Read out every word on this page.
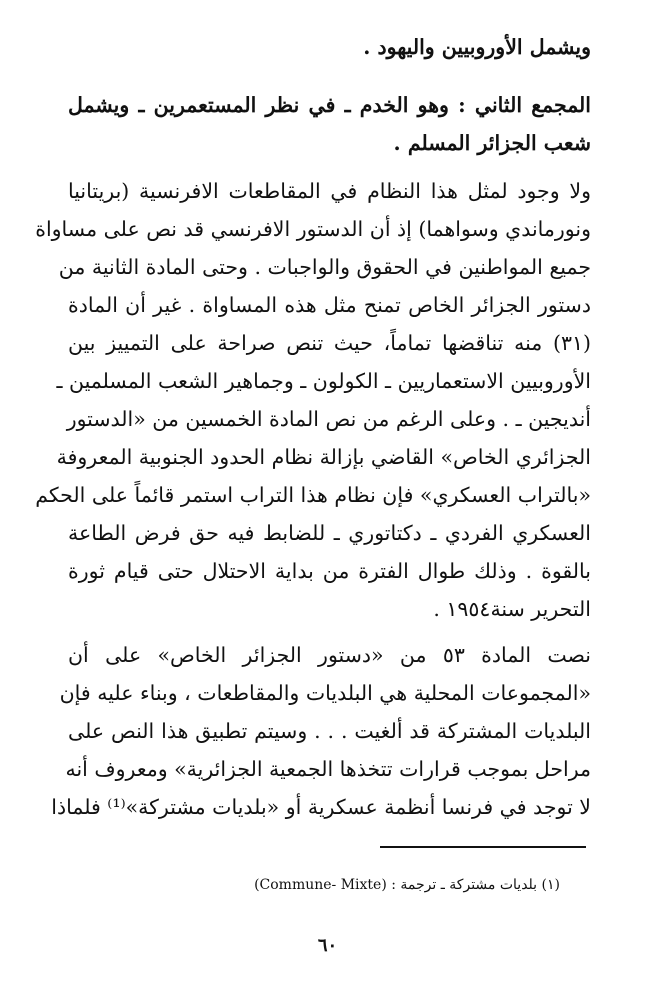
ويشمل الأوروبيين واليهود .
المجمع الثاني : وهو الخدم ـ في نظر المستعمرين ـ ويشمل
شعب الجزائر المسلم .
ولا وجود لمثل هذا النظام في المقاطعات الافرنسية (بريتانيا
ونورماندي وسواهما) إذ أن الدستور الافرنسي قد نص على مساواة
جميع المواطنين في الحقوق والواجبات . وحتى المادة الثانية من
دستور الجزائر الخاص تمنح مثل هذه المساواة . غير أن المادة
(٣١) منه تناقضها تماماً، حيث تنص صراحة على التمييز بين
الأوروبيين الاستعماريين ـ الكولون ـ وجماهير الشعب المسلمين ـ
أنديجين ـ . وعلى الرغم من نص المادة الخمسين من «الدستور
الجزائري الخاص» القاضي بإزالة نظام الحدود الجنوبية المعروفة
«بالتراب العسكري» فإن نظام هذا التراب استمر قائماً على الحكم
العسكري الفردي ـ دكتاتوري ـ للضابط فيه حق فرض الطاعة
بالقوة . وذلك طوال الفترة من بداية الاحتلال حتى قيام ثورة
التحرير سنة١٩٥٤ .
نصت المادة ٥٣ من «دستور الجزائر الخاص» على أن
«المجموعات المحلية هي البلديات والمقاطعات ، وبناء عليه فإن
البلديات المشتركة قد ألغيت . . . وسيتم تطبيق هذا النص على
مراحل بموجب قرارات تتخذها الجمعية الجزائرية» ومعروف أنه
لا توجد في فرنسا أنظمة عسكرية أو «بلديات مشتركة»⁽¹⁾ فلماذا
(١) بلديات مشتركة ـ ترجمة : (Commune- Mixte)
٦٠
